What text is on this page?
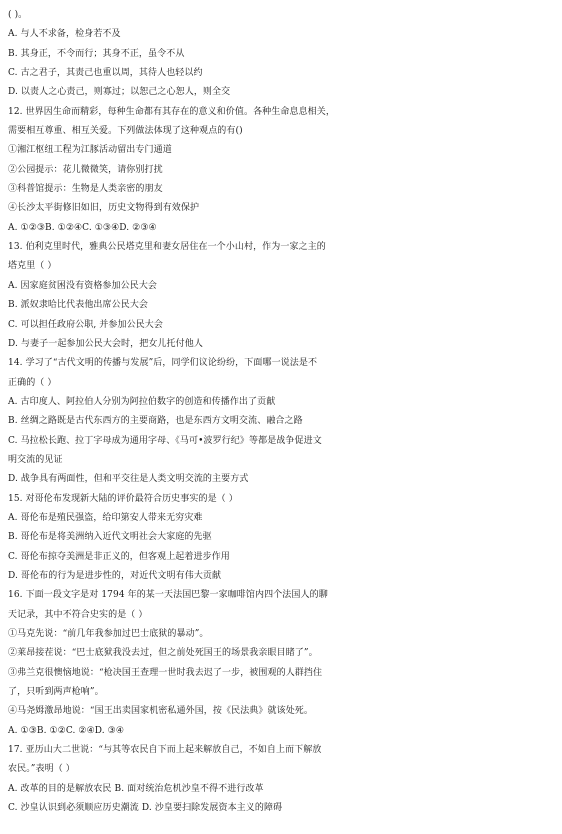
( )。
A. 与人不求备，检身若不及
B. 其身正，不令而行；其身不正，虽令不从
C. 古之君子，其责己也重以周，其待人也轻以约
D. 以责人之心责己，则寡过；以恕己之心恕人，则全交
12. 世界因生命而精彩，每种生命都有其存在的意义和价值。各种生命息息相关，
需要相互尊重、相互关爱。下列做法体现了这种观点的有()
①湘江枢纽工程为江豚活动留出专门通道
②公园提示：花儿微微笑，请你别打扰
③科普馆提示：生物是人类亲密的朋友
④长沙太平街修旧如旧，历史文物得到有效保护
A. ①②③B. ①②④C. ①③④D. ②③④
13. 伯利克里时代，雅典公民塔克里和妻女居住在一个小山村，作为一家之主的
塔克里（ ）
A. 因家庭贫困没有资格参加公民大会
B. 派奴隶哈比代表他出席公民大会
C. 可以担任政府公职, 并参加公民大会
D. 与妻子一起参加公民大会时，把女儿托付他人
14. 学习了“古代文明的传播与发展”后，同学们议论纷纷，下面哪一说法是不
正确的（ ）
A. 古印度人、阿拉伯人分别为阿拉伯数字的创造和传播作出了贡献
B. 丝绸之路既是古代东西方的主要商路，也是东西方文明交流、融合之路
C. 马拉松长跑、拉丁字母成为通用字母、《马可•波罗行纪》等都是战争促进文
明交流的见证
D. 战争具有两面性，但和平交往是人类文明交流的主要方式
15. 对哥伦布发现新大陆的评价最符合历史事实的是（ ）
A. 哥伦布是殖民强盗，给印第安人带来无穷灾难
B. 哥伦布是将美洲纳入近代文明社会大家庭的先驱
C. 哥伦布掠夺美洲是非正义的，但客观上起着进步作用
D. 哥伦布的行为是进步性的，对近代文明有伟大贡献
16. 下面一段文字是对 1794 年的某一天法国巴黎一家咖啡馆内四个法国人的聊
天记录，其中不符合史实的是（ ）
①马克先说：“前几年我参加过巴士底狱的暴动”。
②莱昂接茬说：“巴士底狱我没去过，但之前处死国王的场景我亲眼目睹了”。
③弗兰克很懊恼地说：“枪决国王查理一世时我去迟了一步，被围观的人群挡住
了，只听到两声枪响”。
④马尧姆激昂地说：“国王出卖国家机密私通外国，按《民法典》就该处死。
A. ①③B. ①②C. ②④D. ③④
17. 亚历山大二世说：“与其等农民自下而上起来解放自己，不如自上而下解放
农民。”表明（ ）
A. 改革的目的是解放农民 B. 面对统治危机沙皇不得不进行改革
C. 沙皇认识到必须顺应历史潮流 D. 沙皇要扫除发展资本主义的障碍
